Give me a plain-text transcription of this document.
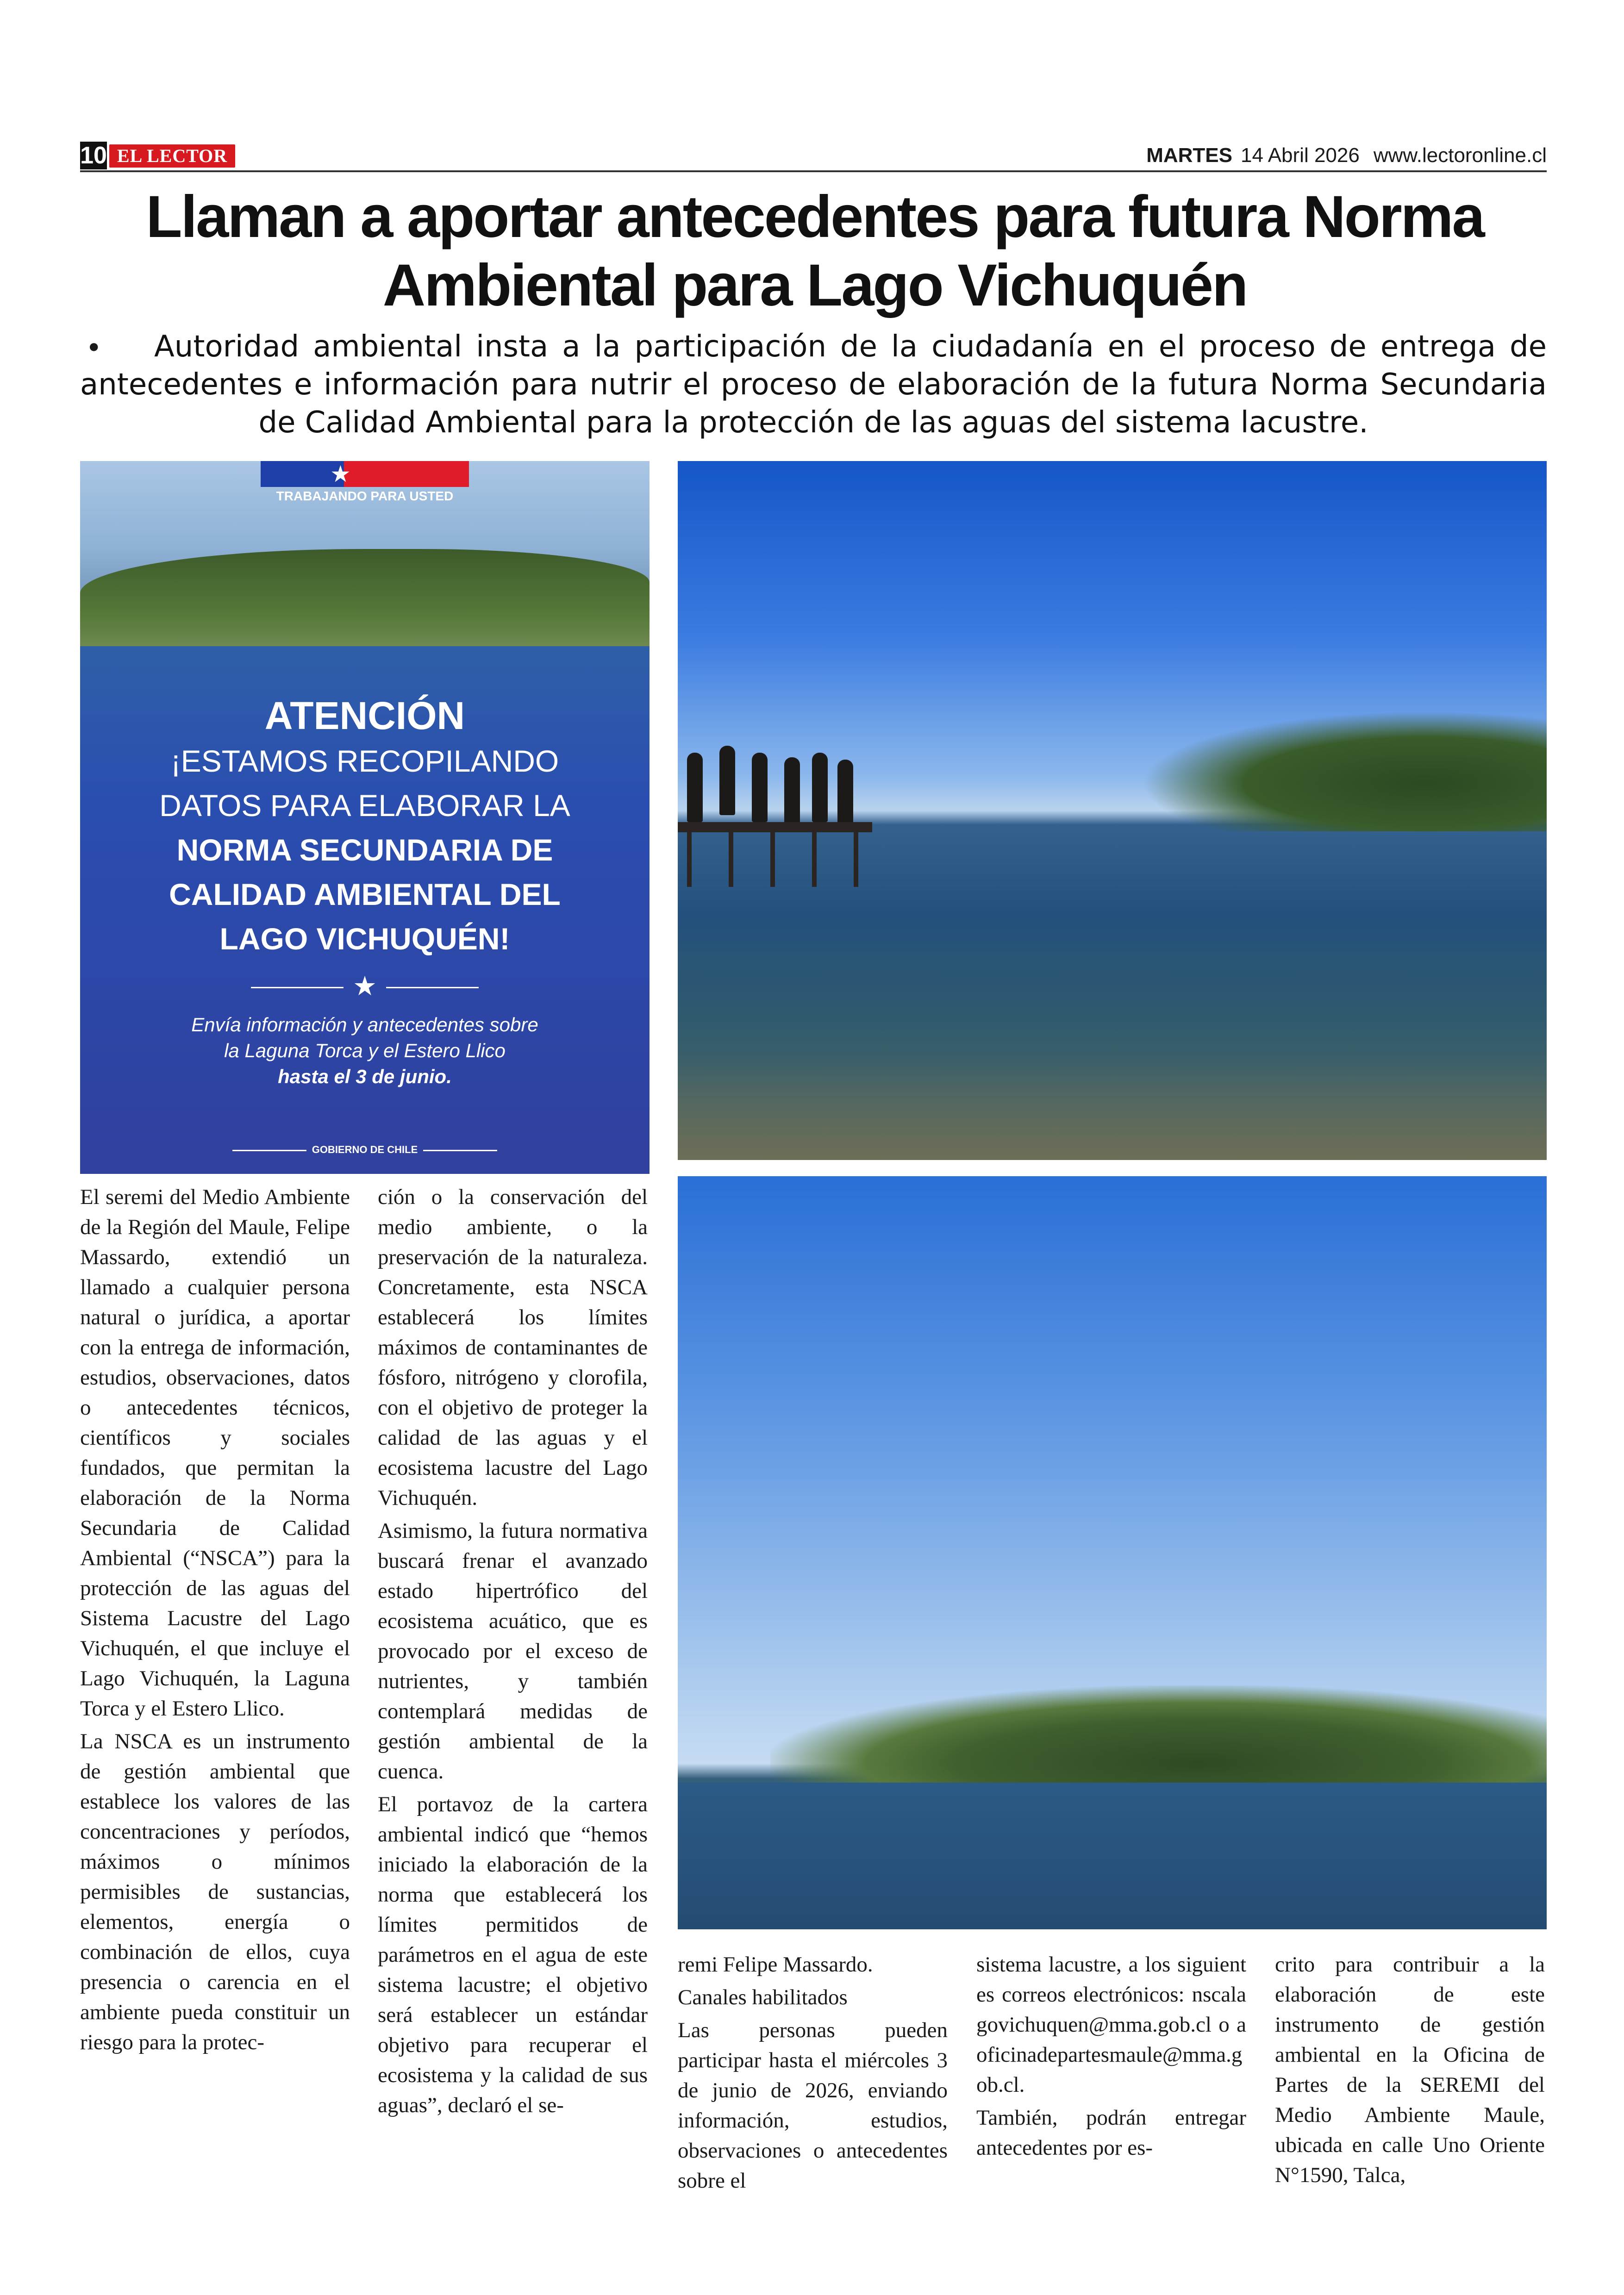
10 EL LECTOR	MARTES 14 Abril 2026 www.lectoronline.cl
Llaman a aportar antecedentes para futura Norma
Ambiental para Lago Vichuquén
•	Autoridad ambiental insta a la participación de la ciudadanía en el proceso de entrega de antecedentes e información para nutrir el proceso de elaboración de la futura Norma Secundaria de Calidad Ambiental para la protección de las aguas del sistema lacustre.
★
TRABAJANDO PARA USTED
ATENCIÓN
¡ESTAMOS RECOPILANDO
DATOS PARA ELABORAR LA
NORMA SECUNDARIA DE
CALIDAD AMBIENTAL DEL
LAGO VICHUQUÉN!
★
Envía información y antecedentes sobre
la Laguna Torca y el Estero Llico
hasta el 3 de junio.
GOBIERNO DE CHILE

El seremi del Medio Ambiente de la Región del Maule, Felipe Massardo, extendió un llamado a cualquier persona natural o jurídica, a aportar con la entrega de información, estudios, observaciones, datos o antecedentes técnicos, científicos y sociales fundados, que permitan la elaboración de la Norma Secundaria de Calidad Ambiental (“NSCA”) para la protección de las aguas del Sistema Lacustre del Lago Vichuquén, el que incluye el Lago Vichuquén, la Laguna Torca y el Estero Llico.

La NSCA es un instrumento de gestión ambiental que establece los valores de las concentraciones y períodos, máximos o mínimos permisibles de sustancias, elementos, energía o combinación de ellos, cuya presencia o carencia en el ambiente pueda constituir un riesgo para la protec-

ción o la conservación del medio ambiente, o la preservación de la naturaleza. Concretamente, esta NSCA establecerá los límites máximos de contaminantes de fósforo, nitrógeno y clorofila, con el objetivo de proteger la calidad de las aguas y el ecosistema lacustre del Lago Vichuquén.

Asimismo, la futura normativa buscará frenar el avanzado estado hipertrófico del ecosistema acuático, que es provocado por el exceso de nutrientes, y también contemplará medidas de gestión ambiental de la cuenca.

El portavoz de la cartera ambiental indicó que “hemos iniciado la elaboración de la norma que establecerá los límites permitidos de parámetros en el agua de este sistema lacustre; el objetivo será establecer un estándar objetivo para recuperar el ecosistema y la calidad de sus aguas”, declaró el se-

remi Felipe Massardo.

Canales habilitados

Las personas pueden participar hasta el miércoles 3 de junio de 2026, enviando información, estudios, observaciones o antecedentes sobre el

sistema lacustre, a los siguientes correos electrónicos: nscalagovichuquen@mma.gob.cl o a oficinadepartesmaule@mma.gob.cl.

También, podrán entregar antecedentes por es-

crito para contribuir a la elaboración de este instrumento de gestión ambiental en la Oficina de Partes de la SEREMI del Medio Ambiente Maule, ubicada en calle Uno Oriente N°1590, Talca,
